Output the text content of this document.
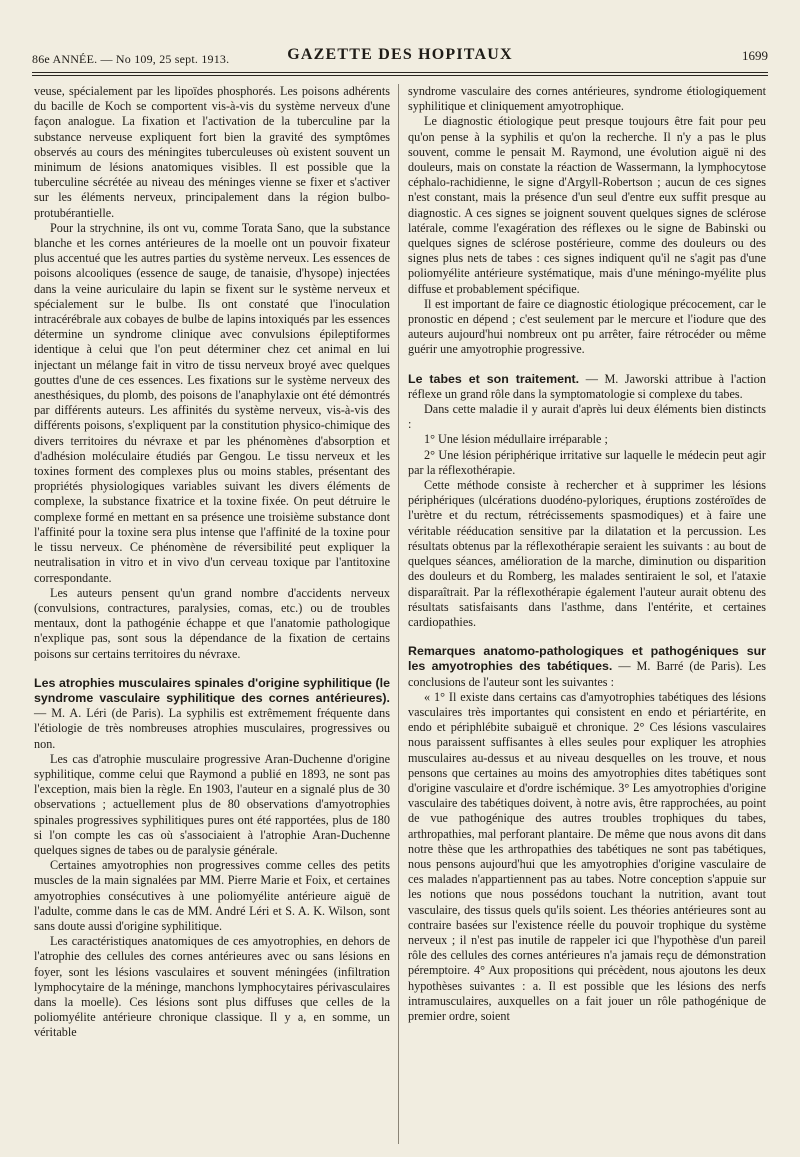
86e ANNÉE. — No 109, 25 sept. 1913.	GAZETTE DES HOPITAUX	1699

veuse, spécialement par les lipoïdes phosphorés. Les poisons adhérents du bacille de Koch se comportent vis-à-vis du système nerveux d'une façon analogue. La fixation et l'activation de la tuberculine par la substance nerveuse expliquent fort bien la gravité des symptômes observés au cours des méningites tuberculeuses où existent souvent un minimum de lésions anatomiques visibles. Il est possible que la tuberculine sécrétée au niveau des méninges vienne se fixer et s'activer sur les éléments nerveux, principalement dans la région bulbo-protubérantielle.

Pour la strychnine, ils ont vu, comme Torata Sano, que la substance blanche et les cornes antérieures de la moelle ont un pouvoir fixateur plus accentué que les autres parties du système nerveux. Les essences de poisons alcooliques (essence de sauge, de tanaisie, d'hysope) injectées dans la veine auriculaire du lapin se fixent sur le système nerveux et spécialement sur le bulbe. Ils ont constaté que l'inoculation intracérébrale aux cobayes de bulbe de lapins intoxiqués par les essences détermine un syndrome clinique avec convulsions épileptiformes identique à celui que l'on peut déterminer chez cet animal en lui injectant un mélange fait in vitro de tissu nerveux broyé avec quelques gouttes d'une de ces essences. Les fixations sur le système nerveux des anesthésiques, du plomb, des poisons de l'anaphylaxie ont été démontrés par différents auteurs. Les affinités du système nerveux, vis-à-vis des différents poisons, s'expliquent par la constitution physico-chimique des divers territoires du névraxe et par les phénomènes d'absorption et d'adhésion moléculaire étudiés par Gengou. Le tissu nerveux et les toxines forment des complexes plus ou moins stables, présentant des propriétés physiologiques variables suivant les divers éléments de complexe, la substance fixatrice et la toxine fixée. On peut détruire le complexe formé en mettant en sa présence une troisième substance dont l'affinité pour la toxine sera plus intense que l'affinité de la toxine pour le tissu nerveux. Ce phénomène de réversibilité peut expliquer la neutralisation in vitro et in vivo d'un cerveau toxique par l'antitoxine correspondante.

Les auteurs pensent qu'un grand nombre d'accidents nerveux (convulsions, contractures, paralysies, comas, etc.) ou de troubles mentaux, dont la pathogénie échappe et que l'anatomie pathologique n'explique pas, sont sous la dépendance de la fixation de certains poisons sur certains territoires du névraxe.

Les atrophies musculaires spinales d'origine syphilitique (le syndrome vasculaire syphilitique des cornes antérieures). — M. A. Léri (de Paris). La syphilis est extrêmement fréquente dans l'étiologie de très nombreuses atrophies musculaires, progressives ou non.

Les cas d'atrophie musculaire progressive Aran-Duchenne d'origine syphilitique, comme celui que Raymond a publié en 1893, ne sont pas l'exception, mais bien la règle. En 1903, l'auteur en a signalé plus de 30 observations ; actuellement plus de 80 observations d'amyotrophies spinales progressives syphilitiques pures ont été rapportées, plus de 180 si l'on compte les cas où s'associaient à l'atrophie Aran-Duchenne quelques signes de tabes ou de paralysie générale.

Certaines amyotrophies non progressives comme celles des petits muscles de la main signalées par MM. Pierre Marie et Foix, et certaines amyotrophies consécutives à une poliomyélite antérieure aiguë de l'adulte, comme dans le cas de MM. André Léri et S. A. K. Wilson, sont sans doute aussi d'origine syphilitique.

Les caractéristiques anatomiques de ces amyotrophies, en dehors de l'atrophie des cellules des cornes antérieures avec ou sans lésions en foyer, sont les lésions vasculaires et souvent méningées (infiltration lymphocytaire de la méninge, manchons lymphocytaires périvasculaires dans la moelle). Ces lésions sont plus diffuses que celles de la poliomyélite antérieure chronique classique. Il y a, en somme, un véritable

syndrome vasculaire des cornes antérieures, syndrome étiologiquement syphilitique et cliniquement amyotrophique.

Le diagnostic étiologique peut presque toujours être fait pour peu qu'on pense à la syphilis et qu'on la recherche. Il n'y a pas le plus souvent, comme le pensait M. Raymond, une évolution aiguë ni des douleurs, mais on constate la réaction de Wassermann, la lymphocytose céphalo-rachidienne, le signe d'Argyll-Robertson ; aucun de ces signes n'est constant, mais la présence d'un seul d'entre eux suffit presque au diagnostic. A ces signes se joignent souvent quelques signes de sclérose latérale, comme l'exagération des réflexes ou le signe de Babinski ou quelques signes de sclérose postérieure, comme des douleurs ou des signes plus nets de tabes : ces signes indiquent qu'il ne s'agit pas d'une poliomyélite antérieure systématique, mais d'une méningo-myélite plus diffuse et probablement spécifique.

Il est important de faire ce diagnostic étiologique précocement, car le pronostic en dépend ; c'est seulement par le mercure et l'iodure que des auteurs aujourd'hui nombreux ont pu arrêter, faire rétrocéder ou même guérir une amyotrophie progressive.

Le tabes et son traitement. — M. Jaworski attribue à l'action réflexe un grand rôle dans la symptomatologie si complexe du tabes.

Dans cette maladie il y aurait d'après lui deux éléments bien distincts :

1° Une lésion médullaire irréparable ;

2° Une lésion périphérique irritative sur laquelle le médecin peut agir par la réflexothérapie.

Cette méthode consiste à rechercher et à supprimer les lésions périphériques (ulcérations duodéno-pyloriques, éruptions zostéroïdes de l'urètre et du rectum, rétrécissements spasmodiques) et à faire une véritable rééducation sensitive par la dilatation et la percussion. Les résultats obtenus par la réflexothérapie seraient les suivants : au bout de quelques séances, amélioration de la marche, diminution ou disparition des douleurs et du Romberg, les malades sentiraient le sol, et l'ataxie disparaîtrait. Par la réflexothérapie également l'auteur aurait obtenu des résultats satisfaisants dans l'asthme, dans l'entérite, et certaines cardiopathies.

Remarques anatomo-pathologiques et pathogéniques sur les amyotrophies des tabétiques. — M. Barré (de Paris). Les conclusions de l'auteur sont les suivantes :

« 1° Il existe dans certains cas d'amyotrophies tabétiques des lésions vasculaires très importantes qui consistent en endo et périartérite, en endo et périphlébite subaiguë et chronique. 2° Ces lésions vasculaires nous paraissent suffisantes à elles seules pour expliquer les atrophies musculaires au-dessus et au niveau desquelles on les trouve, et nous pensons que certaines au moins des amyotrophies dites tabétiques sont d'origine vasculaire et d'ordre ischémique. 3° Les amyotrophies d'origine vasculaire des tabétiques doivent, à notre avis, être rapprochées, au point de vue pathogénique des autres troubles trophiques du tabes, arthropathies, mal perforant plantaire. De même que nous avons dit dans notre thèse que les arthropathies des tabétiques ne sont pas tabétiques, nous pensons aujourd'hui que les amyotrophies d'origine vasculaire de ces malades n'appartiennent pas au tabes. Notre conception s'appuie sur les notions que nous possédons touchant la nutrition, avant tout vasculaire, des tissus quels qu'ils soient. Les théories antérieures sont au contraire basées sur l'existence réelle du pouvoir trophique du système nerveux ; il n'est pas inutile de rappeler ici que l'hypothèse d'un pareil rôle des cellules des cornes antérieures n'a jamais reçu de démonstration péremptoire. 4° Aux propositions qui précèdent, nous ajoutons les deux hypothèses suivantes : a. Il est possible que les lésions des nerfs intramusculaires, auxquelles on a fait jouer un rôle pathogénique de premier ordre, soient
